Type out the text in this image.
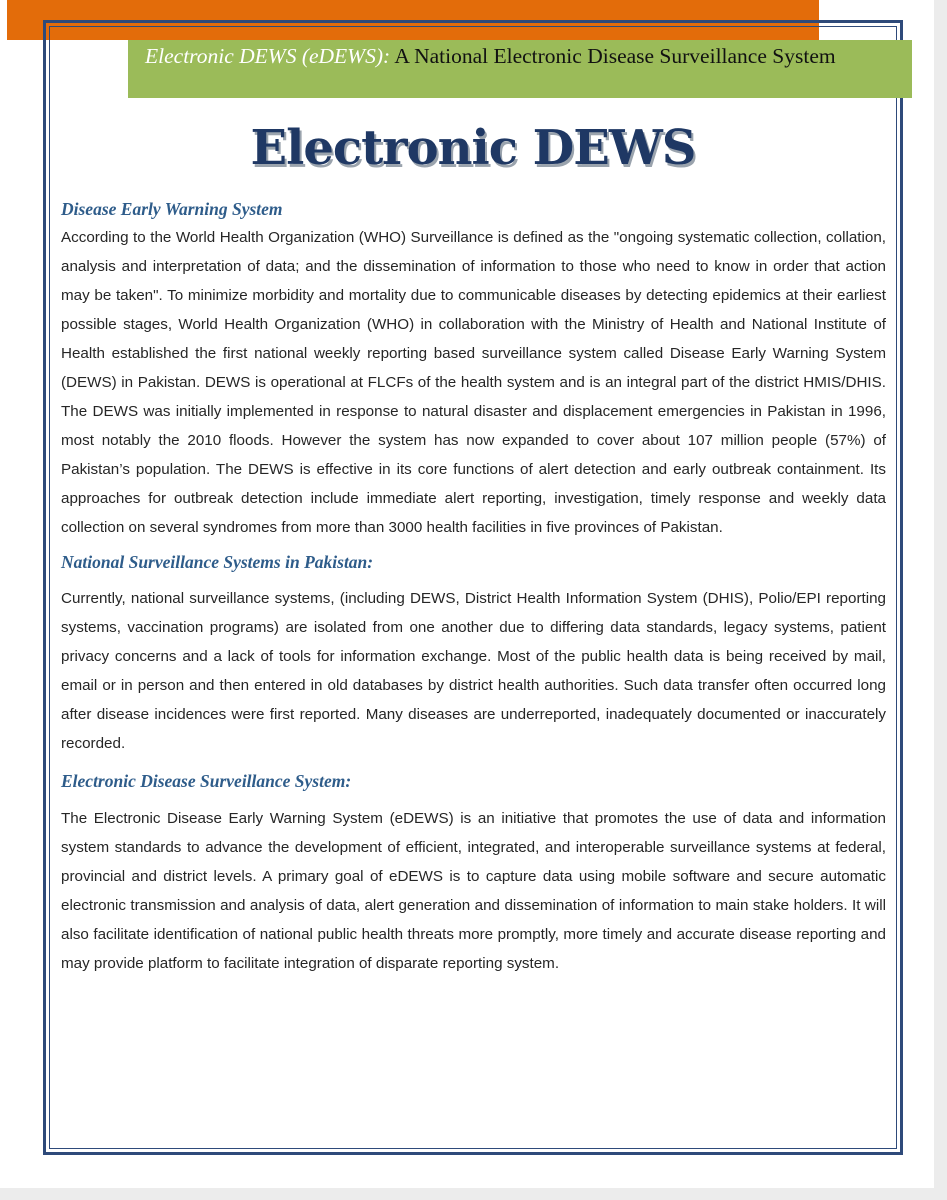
Electronic DEWS (eDEWS): A National Electronic Disease Surveillance System
Electronic DEWS
Disease Early Warning System

According to the World Health Organization (WHO) Surveillance is defined as the "ongoing systematic collection, collation, analysis and interpretation of data; and the dissemination of information to those who need to know in order that action may be taken". To minimize morbidity and mortality due to communicable diseases by detecting epidemics at their earliest possible stages, World Health Organization (WHO) in collaboration with the Ministry of Health and National Institute of Health established the first national weekly reporting based surveillance system called Disease Early Warning System (DEWS) in Pakistan. DEWS is operational at FLCFs of the health system and is an integral part of the district HMIS/DHIS. The DEWS was initially implemented in response to natural disaster and displacement emergencies in Pakistan in 1996, most notably the 2010 floods. However the system has now expanded to cover about 107 million people (57%) of Pakistan’s population. The DEWS is effective in its core functions of alert detection and early outbreak containment. Its approaches for outbreak detection include immediate alert reporting, investigation, timely response and weekly data collection on several syndromes from more than 3000 health facilities in five provinces of Pakistan.

National Surveillance Systems in Pakistan:

Currently, national surveillance systems, (including DEWS, District Health Information System (DHIS), Polio/EPI reporting systems, vaccination programs) are isolated from one another due to differing data standards, legacy systems, patient privacy concerns and a lack of tools for information exchange. Most of the public health data is being received by mail, email or in person and then entered in old databases by district health authorities. Such data transfer often occurred long after disease incidences were first reported. Many diseases are underreported, inadequately documented or inaccurately recorded.

Electronic Disease Surveillance System:

The Electronic Disease Early Warning System (eDEWS) is an initiative that promotes the use of data and information system standards to advance the development of efficient, integrated, and interoperable surveillance systems at federal, provincial and district levels. A primary goal of eDEWS is to capture data using mobile software and secure automatic electronic transmission and analysis of data, alert generation and dissemination of information to main stake holders. It will also facilitate identification of national public health threats more promptly, more timely and accurate disease reporting and may provide platform to facilitate integration of disparate reporting system.
